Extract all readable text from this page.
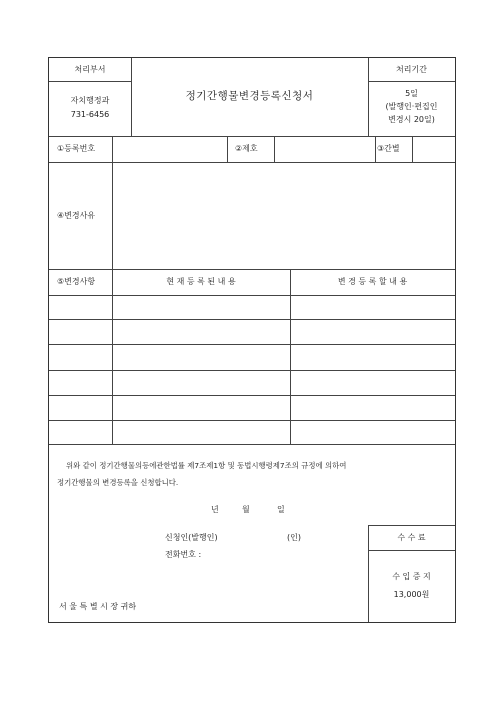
처리부서
자치행정과
731-6456
정기간행물변경등록신청서
처리기간
5일
(발행인·편집인
변경시 20일)
①등록번호	②제호	③간별
④변경사유
⑤변경사항	현 재 등 록 된 내 용	변 경 등 록 할 내 용
위와 같이 정기간행물의등에관한법률 제7조제1항 및 동법시행령제7조의 규정에 의하여
정기간행물의 변경등록을 신청합니다.
년	월	일
신청인(발행인)	(인)
전화번호 :
서 울 특 별 시 장 귀하
수 수 료
수 입 증 지
13,000원
